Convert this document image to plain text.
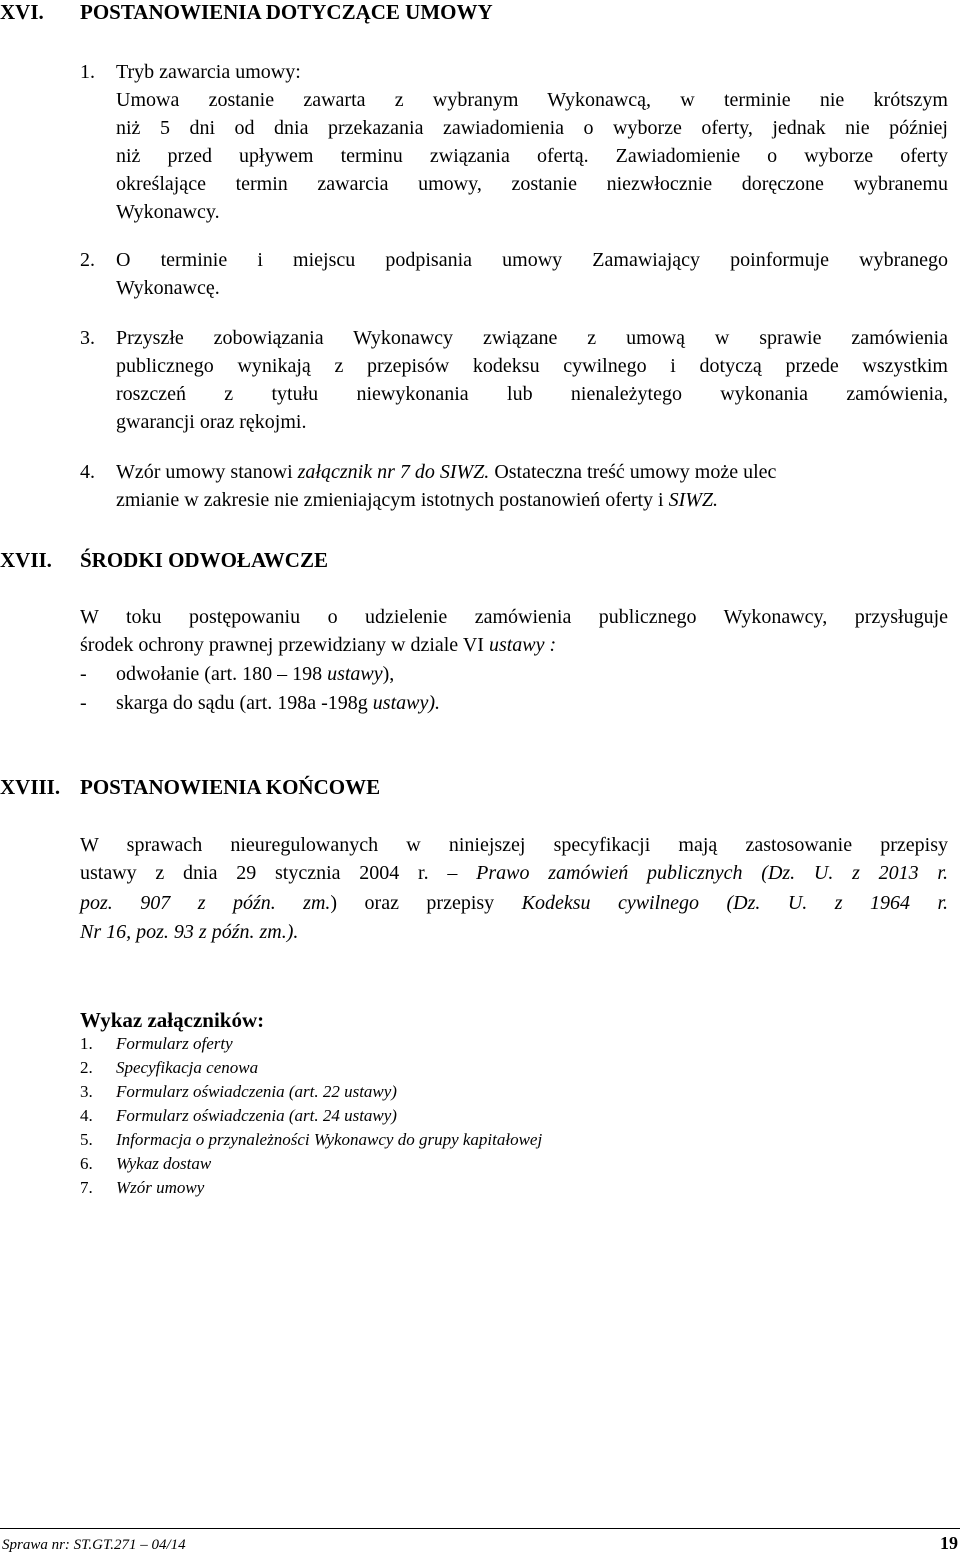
XVI. POSTANOWIENIA DOTYCZĄCE UMOWY
1. Tryb zawarcia umowy:
Umowa zostanie zawarta z wybranym Wykonawcą, w terminie nie krótszym
niż 5 dni od dnia przekazania zawiadomienia o wyborze oferty, jednak nie później
niż przed upływem terminu związania ofertą. Zawiadomienie o wyborze oferty
określające termin zawarcia umowy, zostanie niezwłocznie doręczone wybranemu
Wykonawcy.
2. O terminie i miejscu podpisania umowy Zamawiający poinformuje wybranego
Wykonawcę.
3. Przyszłe zobowiązania Wykonawcy związane z umową w sprawie zamówienia
publicznego wynikają z przepisów kodeksu cywilnego i dotyczą przede wszystkim
roszczeń z tytułu niewykonania lub nienależytego wykonania zamówienia,
gwarancji oraz rękojmi.
4. Wzór umowy stanowi załącznik nr 7 do SIWZ. Ostateczna treść umowy może ulec
zmianie w zakresie nie zmieniającym istotnych postanowień oferty i SIWZ.
XVII. ŚRODKI ODWOŁAWCZE
W toku postępowaniu o udzielenie zamówienia publicznego Wykonawcy, przysługuje
środek ochrony prawnej przewidziany w dziale VI ustawy :
- odwołanie (art. 180 – 198 ustawy),
- skarga do sądu (art. 198a -198g ustawy).
XVIII. POSTANOWIENIA KOŃCOWE
W sprawach nieuregulowanych w niniejszej specyfikacji mają zastosowanie przepisy
ustawy z dnia 29 stycznia 2004 r. – Prawo zamówień publicznych (Dz. U. z 2013 r.
poz. 907 z późn. zm.) oraz przepisy Kodeksu cywilnego (Dz. U. z 1964 r.
Nr 16, poz. 93 z późn. zm.).
Wykaz załączników:
1. Formularz oferty
2. Specyfikacja cenowa
3. Formularz oświadczenia (art. 22 ustawy)
4. Formularz oświadczenia (art. 24 ustawy)
5. Informacja o przynależności Wykonawcy do grupy kapitałowej
6. Wykaz dostaw
7. Wzór umowy
Sprawa nr: ST.GT.271 – 04/14	19
